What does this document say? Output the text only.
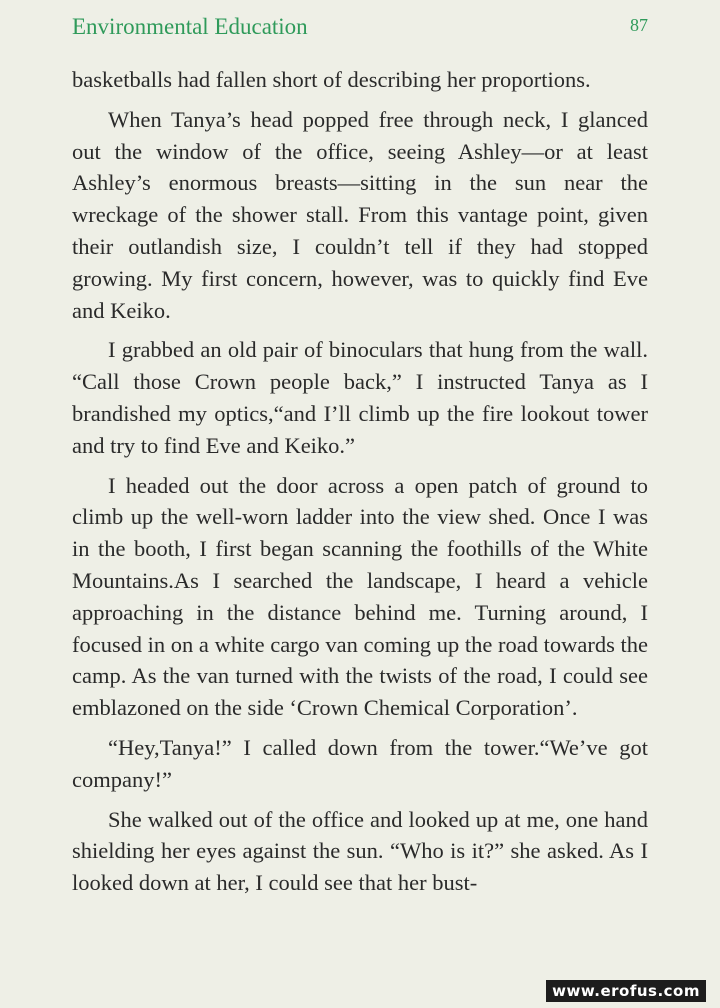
Environmental Education	87

basketballs had fallen short of describing her proportions.

When Tanya’s head popped free through neck, I glanced out the window of the office, seeing Ashley—or at least Ashley’s enormous breasts—sitting in the sun near the wreckage of the shower stall. From this vantage point, given their outlandish size, I couldn’t tell if they had stopped growing. My first concern, however, was to quickly find Eve and Keiko.

I grabbed an old pair of binoculars that hung from the wall. “Call those Crown people back,” I instructed Tanya as I brandished my optics,“and I’ll climb up the fire lookout tower and try to find Eve and Keiko.”

I headed out the door across a open patch of ground to climb up the well-worn ladder into the view shed. Once I was in the booth, I first began scanning the foothills of the White Mountains.As I searched the landscape, I heard a vehicle approaching in the distance behind me. Turning around, I focused in on a white cargo van coming up the road towards the camp. As the van turned with the twists of the road, I could see emblazoned on the side ‘Crown Chemical Corporation’.

“Hey,Tanya!” I called down from the tower.“We’ve got company!”

She walked out of the office and looked up at me, one hand shielding her eyes against the sun. “Who is it?” she asked. As I looked down at her, I could see that her bust-

www.erofus.com
